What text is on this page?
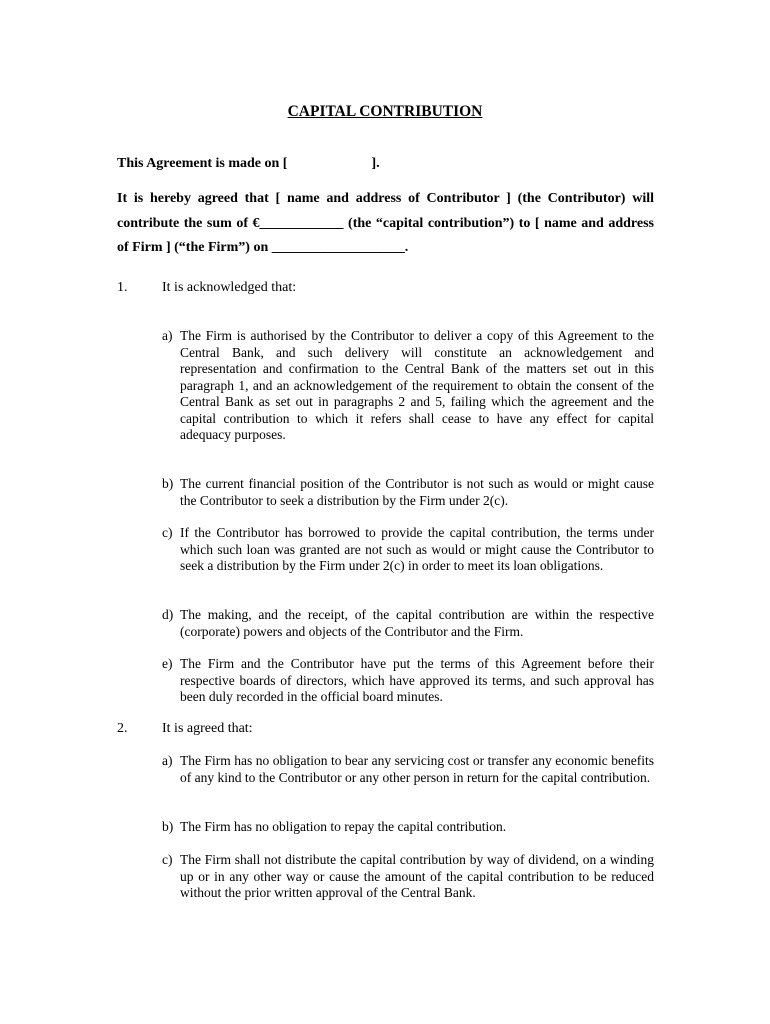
CAPITAL CONTRIBUTION

This Agreement is made on [                        ].

It is hereby agreed that [ name and address of Contributor ] (the Contributor) will contribute the sum of €____________ (the “capital contribution”) to [ name and address of Firm ] (“the Firm”) on ___________________.

1. It is acknowledged that:
a) The Firm is authorised by the Contributor to deliver a copy of this Agreement to the Central Bank, and such delivery will constitute an acknowledgement and representation and confirmation to the Central Bank of the matters set out in this paragraph 1, and an acknowledgement of the requirement to obtain the consent of the Central Bank as set out in paragraphs 2 and 5, failing which the agreement and the capital contribution to which it refers shall cease to have any effect for capital adequacy purposes.
b) The current financial position of the Contributor is not such as would or might cause the Contributor to seek a distribution by the Firm under 2(c).
c) If the Contributor has borrowed to provide the capital contribution, the terms under which such loan was granted are not such as would or might cause the Contributor to seek a distribution by the Firm under 2(c) in order to meet its loan obligations.
d) The making, and the receipt, of the capital contribution are within the respective (corporate) powers and objects of the Contributor and the Firm.
e) The Firm and the Contributor have put the terms of this Agreement before their respective boards of directors, which have approved its terms, and such approval has been duly recorded in the official board minutes.
2. It is agreed that:
a) The Firm has no obligation to bear any servicing cost or transfer any economic benefits of any kind to the Contributor or any other person in return for the capital contribution.
b) The Firm has no obligation to repay the capital contribution.
c) The Firm shall not distribute the capital contribution by way of dividend, on a winding up or in any other way or cause the amount of the capital contribution to be reduced without the prior written approval of the Central Bank.
